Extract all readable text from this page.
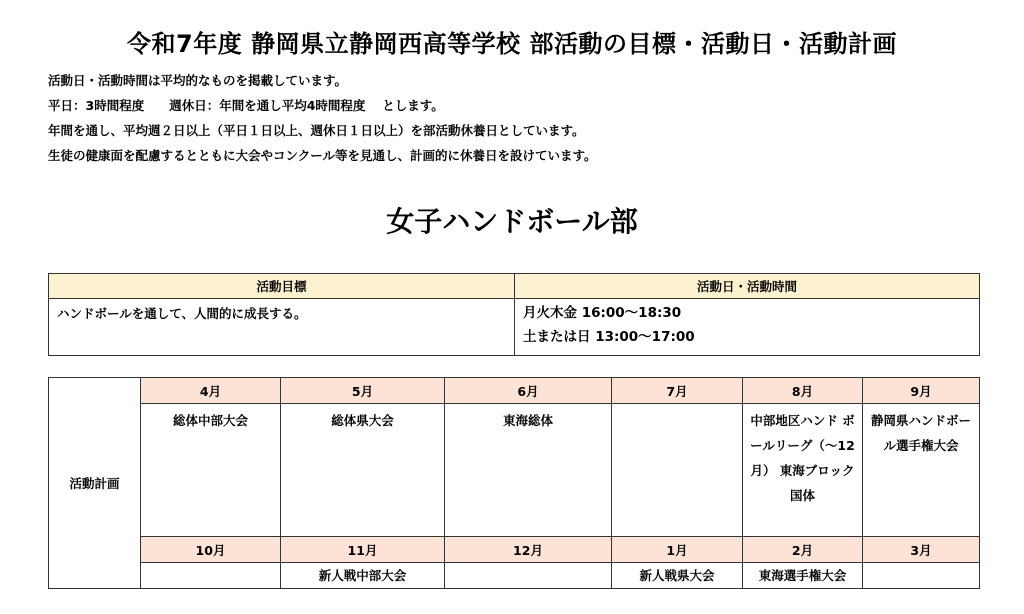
令和7年度 静岡県立静岡西高等学校 部活動の目標・活動日・活動計画
活動日・活動時間は平均的なものを掲載しています。
平日：3時間程度　　週休日：年間を通し平均4時間程度　 とします。
年間を通し、平均週２日以上（平日１日以上、週休日１日以上）を部活動休養日としています。
生徒の健康面を配慮するとともに大会やコンクール等を見通し、計画的に休養日を設けています。
女子ハンドボール部
活動目標	活動日・活動時間
ハンドボールを通して、人間的に成長する。	月火木金 16:00～18:30
土または日 13:00～17:00
活動計画	4月	5月	6月	7月	8月	9月
	総体中部大会	総体県大会	東海総体		中部地区ハンド ボールリーグ（～12月） 東海ブロック国体	静岡県ハンドボール選手権大会
	10月	11月	12月	1月	2月	3月
		新人戦中部大会		新人戦県大会	東海選手権大会	
